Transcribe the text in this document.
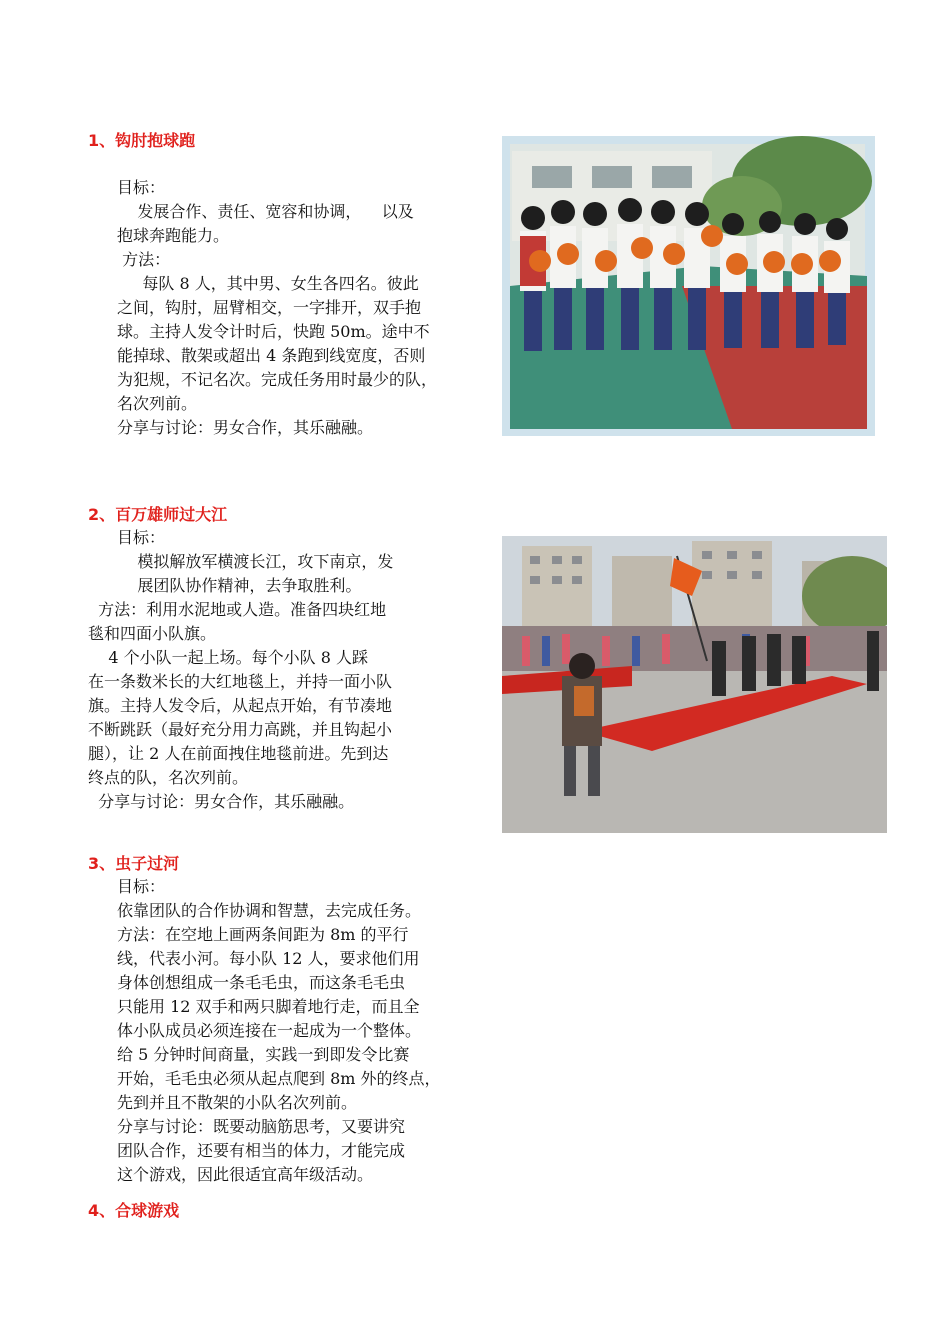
1、钩肘抱球跑
目标：
发展合作、责任、宽容和协调，    以及
抱球奔跑能力。
方法：
每队 8 人，其中男、女生各四名。彼此
之间，钩肘，屈臂相交，一字排开，双手抱
球。主持人发令计时后，快跑 50m。途中不
能掉球、散架或超出 4 条跑到线宽度，否则
为犯规，不记名次。完成任务用时最少的队，
名次列前。
分享与讨论：男女合作，其乐融融。
2、百万雄师过大江
目标：
模拟解放军横渡长江，攻下南京，发
展团队协作精神，去争取胜利。
方法：利用水泥地或人造。准备四块红地
毯和四面小队旗。
4 个小队一起上场。每个小队 8 人踩
在一条数米长的大红地毯上，并持一面小队
旗。主持人发令后，从起点开始，有节凑地
不断跳跃（最好充分用力高跳，并且钩起小
腿），让 2 人在前面拽住地毯前进。先到达
终点的队，名次列前。
分享与讨论：男女合作，其乐融融。
3、虫子过河
目标：
依靠团队的合作协调和智慧，去完成任务。
方法：在空地上画两条间距为 8m 的平行
线，代表小河。每小队 12 人，要求他们用
身体创想组成一条毛毛虫，而这条毛毛虫
只能用 12 双手和两只脚着地行走，而且全
体小队成员必须连接在一起成为一个整体。
给 5 分钟时间商量，实践一到即发令比赛
开始，毛毛虫必须从起点爬到 8m 外的终点，
先到并且不散架的小队名次列前。
分享与讨论：既要动脑筋思考，又要讲究
团队合作，还要有相当的体力，才能完成
这个游戏，因此很适宜高年级活动。
4、合球游戏
